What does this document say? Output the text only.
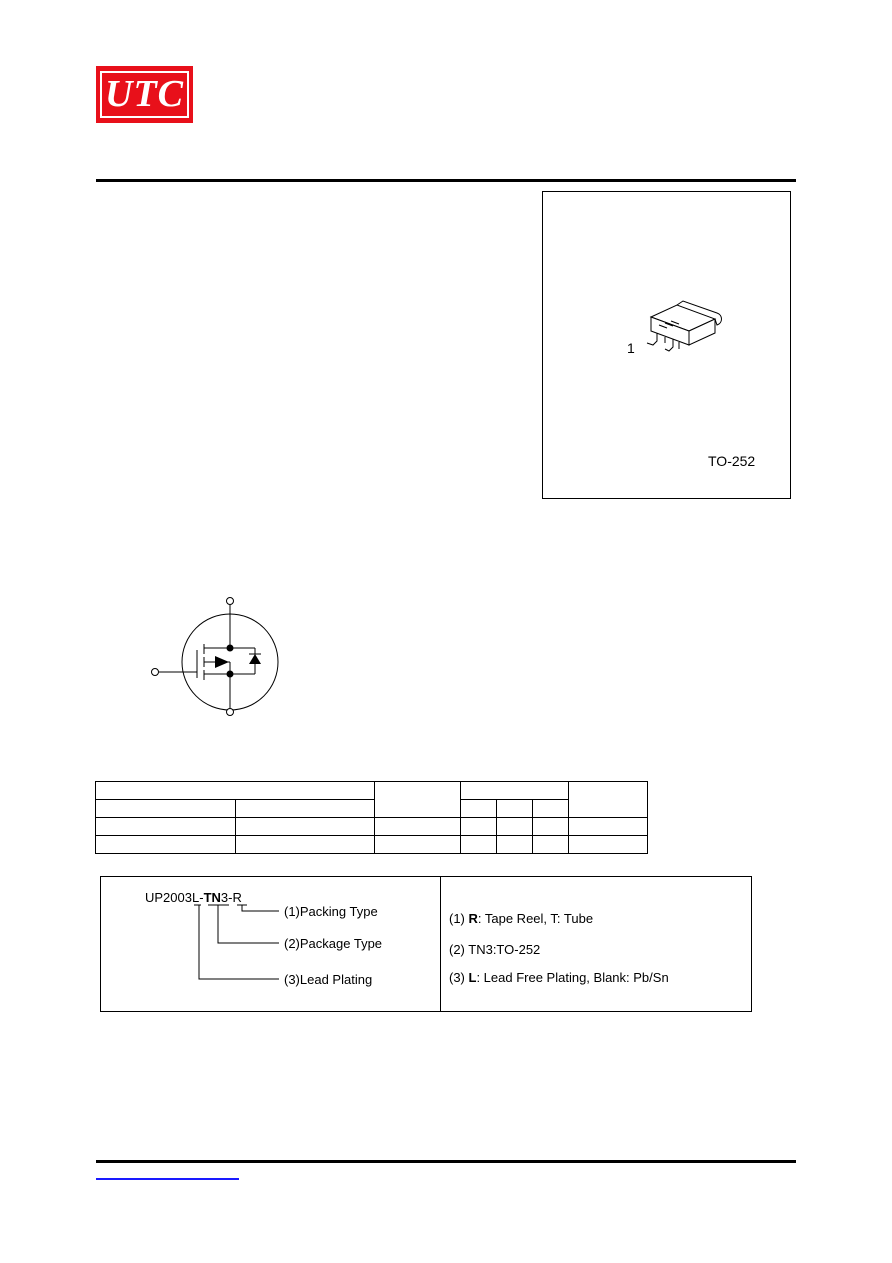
UTC
1
TO-252

UP2003L-TN3-R
(1)Packing Type
(2)Package Type
(3)Lead Plating
(1) R: Tape Reel, T: Tube
(2) TN3:TO-252
(3) L: Lead Free Plating, Blank: Pb/Sn
